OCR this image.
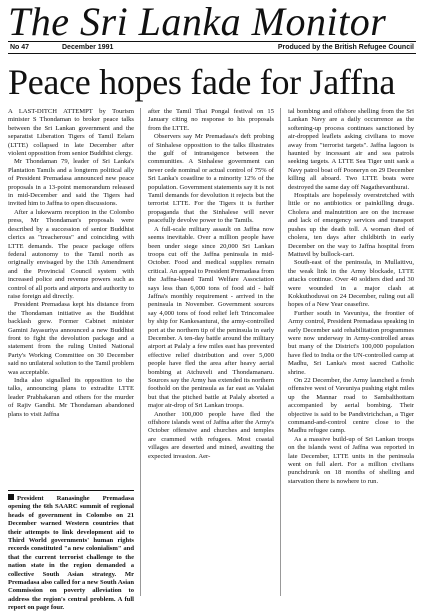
The Sri Lanka Monitor
No 47	December 1991	Produced by the British Refugee Council
Peace hopes fade for Jaffna

A LAST-DITCH ATTEMPT by Tourism minister S Thondaman to broker peace talks between the Sri Lankan government and the separatist Liberation Tigers of Tamil Eelam (LTTE) collapsed in late December after violent opposition from senior Buddhist clergy.

Mr Thondaman 79, leader of Sri Lanka's Plantation Tamils and a longterm political ally of President Premadasa announced new peace proposals in a 13-point memorandum released in mid-December and said the Tigers had invited him to Jaffna to open discussions.

After a lukewarm reception in the Colombo press, Mr Thondaman's proposals were described by a succession of senior Buddhist clerics as "treacherous" and coinciding with LTTE demands. The peace package offers federal autonomy to the Tamil north as originally envisaged by the 13th Amendment and the Provincial Council system with increased police and revenue powers such as control of all ports and airports and authority to raise foreign aid directly.

President Premadasa kept his distance from the Thondaman initiative as the Buddhist backlash grew. Former Cabinet minister Gamini Jayasuriya announced a new Buddhist front to fight the devolution package and a statement from the ruling United National Party's Working Committee on 30 December said no unilateral solution to the Tamil problem was acceptable.

India also signalled its opposition to the talks, announcing plans to extradite LTTE leader Prabhakaran and others for the murder of Rajiv Gandhi. Mr Thondaman abandoned plans to visit Jaffna

President Ranasinghe Premadasa opening the 6th SAARC summit of regional heads of government in Colombo on 21 December warned Western countries that their attempts to link development aid to Third World governments' human rights records constituted "a new colonialism" and that the current terrorist challenge to the nation state in the region demanded a collective South Asian strategy. Mr Premadasa also called for a new South Asian Commission on poverty alleviation to address the region's central problem. A full report on page four.

after the Tamil Thai Pongal festival on 15 January citing no response to his proposals from the LTTE.

Observers say Mr Premadasa's deft probing of Sinhalese opposition to the talks illustrates the gulf of intransigence between the communities. A Sinhalese government can never cede nominal or actual control of 75% of Sri Lanka's coastline to a minority 12% of the population. Government statements say it is not Tamil demands for devolution it rejects but the terrorist LTTE. For the Tigers it is further propaganda that the Sinhalese will never peacefully devolve power to the Tamils.

A full-scale military assault on Jaffna now seems inevitable. Over a million people have been under siege since 20,000 Sri Lankan troops cut off the Jaffna peninsula in mid-October. Food and medical supplies remain critical. An appeal to President Premadasa from the Jaffna-based Tamil Welfare Association says less than 6,000 tons of food aid - half Jaffna's monthly requirement - arrived in the peninsula in November. Government sources say 4,000 tons of food relief left Trincomalee by ship for Kankesanturai, the army-controlled port at the northern tip of the peninsula in early December. A ten-day battle around the military airport at Palaly a few miles east has prevented effective relief distribution and over 5,000 people have fled the area after heavy aerial bombing at Atchuveli and Thondamanaru. Sources say the Army has extended its northern foothold on the peninsula as far east as Valalai but that the pitched battle at Palaly aborted a major air-drop of Sri Lankan troops.

Another 100,000 people have fled the offshore islands west of Jaffna after the Army's October offensive and churches and temples are crammed with refugees. Most coastal villages are deserted and mined, awaiting the expected invasion. Aer-

ial bombing and offshore shelling from the Sri Lankan Navy are a daily occurrence as the softening-up process continues sanctioned by air-dropped leaflets asking civilians to move away from "terrorist targets". Jaffna lagoon is haunted by incessant air and sea patrols seeking targets. A LTTE Sea Tiger unit sank a Navy patrol boat off Pooneryn on 29 December killing all aboard. Two LTTE boats were destroyed the same day off Nagathevanthurai.

Hospitals are hopelessly overstretched with little or no antibiotics or painkilling drugs. Cholera and malnutrition are on the increase and lack of emergency services and transport pushes up the death toll. A woman died of cholera, ten days after childbirth in early December on the way to Jaffna hospital from Mattuvil by bullock-cart.

South-east of the peninsula, in Mullaitivu, the weak link in the Army blockade, LTTE attacks continue. Over 40 soldiers died and 30 were wounded in a major clash at Kokkuthoduvai on 24 December, ruling out all hopes of a New Year ceasefire.

Further south in Vavuniya, the frontier of Army control, President Premadasa speaking in early December said rehabilitation programmes were now underway in Army-controlled areas but many of the District's 100,000 population have fled to India or the UN-controlled camp at Madhu, Sri Lanka's most sacred Catholic shrine.

On 22 December, the Army launched a fresh offensive west of Vavuniya pushing eight miles up the Mannar road to Sambalthottam accompanied by aerial bombing. Their objective is said to be Pandivirichchan, a Tiger command-and-control centre close to the Madhu refugee camp.

As a massive build-up of Sri Lankan troops on the islands west of Jaffna was reported in late December, LTTE units in the peninsula went on full alert. For a million civilians punchdrunk on 18 months of shelling and starvation there is nowhere to run.
